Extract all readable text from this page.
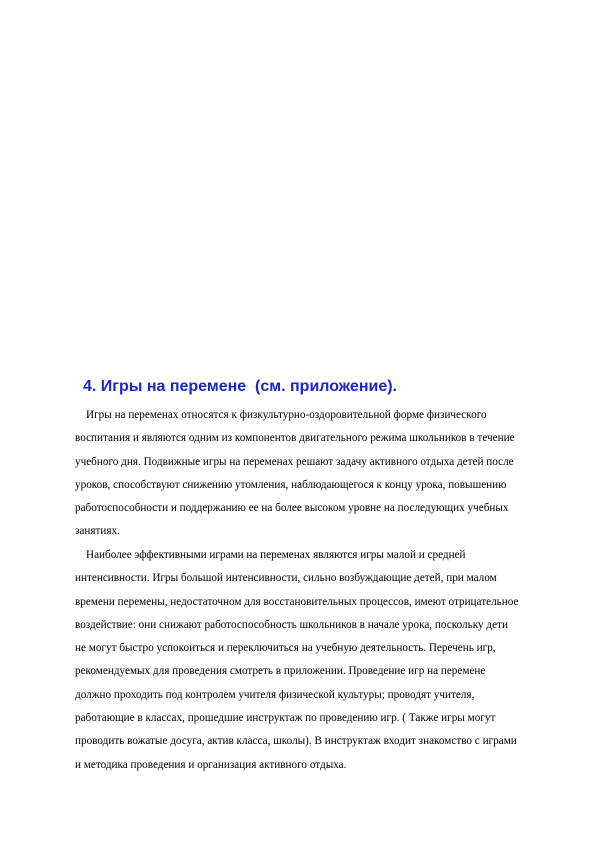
4. Игры на перемене  (см. приложение).
Игры на переменах относятся к физкультурно-оздоровительной форме физического
воспитания и являются одним из компонентов двигательного режима школьников в течение
учебного дня. Подвижные игры на переменах решают задачу активного отдыха детей после
уроков, способствуют снижению утомления, наблюдающегося к концу урока, повышению
работоспособности и поддержанию ее на более высоком уровне на последующих учебных
занятиях.
Наиболее эффективными играми на переменах являются игры малой и средней
интенсивности. Игры большой интенсивности, сильно возбуждающие детей, при малом
времени перемены, недостаточном для восстановительных процессов, имеют отрицательное
воздействие: они снижают работоспособность школьников в начале урока, поскольку дети
не могут быстро успокоиться и переключиться на учебную деятельность. Перечень игр,
рекомендуемых для проведения смотреть в приложении. Проведение игр на перемене
должно проходить под контролем учителя физической культуры; проводят учителя,
работающие в классах, прошедшие инструктаж по проведению игр. ( Также игры могут
проводить вожатые досуга, актив класса, школы). В инструктаж входит знакомство с играми
и методика проведения и организация активного отдыха.
